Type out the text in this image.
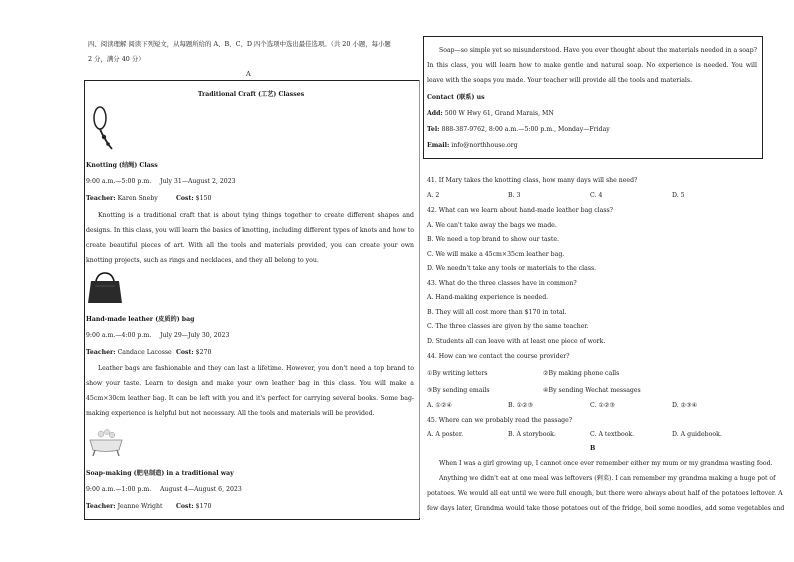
四、阅读理解 阅读下列短文，从每题所给的 A、B、C、D 四个选项中选出最佳选项。（共 20 小题，每小题
2 分，满分 40 分）
A
Traditional Craft (工艺) Classes
Knotting (结绳) Class
9:00 a.m.—5:00 p.m. July 31—August 2, 2023
Teacher: Karen Sneby	Cost: $150
Knotting is a traditional craft that is about tying things together to create different shapes and designs. In this class, you will learn the basics of knotting, including different types of knots and how to create beautiful pieces of art. With all the tools and materials provided, you can create your own knotting projects, such as rings and necklaces, and they all belong to you.
Hand-made leather (皮质的) bag
9:00 a.m.—4:00 p.m. July 29—July 30, 2023
Teacher: Candace Lacosse Cost: $270
Leather bags are fashionable and they can last a lifetime. However, you don't need a top brand to show your taste. Learn to design and make your own leather bag in this class. You will make a 45cm×30cm leather bag. It can be left with you and it's perfect for carrying several books. Some bag-making experience is helpful but not necessary. All the tools and materials will be provided.
Soap-making (肥皂制造) in a traditional way
9:00 a.m.—1:00 p.m. August 4—August 6, 2023
Teacher: Jeanne Wright Cost: $170
Soap—so simple yet so misunderstood. Have you ever thought about the materials needed in a soap? In this class, you will learn how to make gentle and natural soap. No experience is needed. You will leave with the soaps you made. Your teacher will provide all the tools and materials.
Contact (联系) us
Add: 500 W Hwy 61, Grand Marais, MN
Tel: 888-387-9762, 8:00 a.m.—5:00 p.m., Monday—Friday
Email: info@northhouse.org
41. If Mary takes the knotting class, how many days will she need?
A. 2	B. 3	C. 4	D. 5
42. What can we learn about hand-made leather bag class?
A. We can't take away the bags we made.
B. We need a top brand to show our taste.
C. We will make a 45cm×35cm leather bag.
D. We needn't take any tools or materials to the class.
43. What do the three classes have in common?
A. Hand-making experience is needed.
B. They will all cost more than $170 in total.
C. The three classes are given by the same teacher.
D. Students all can leave with at least one piece of work.
44. How can we contact the course provider?
①By writing letters	②By making phone calls
③By sending emails	④By sending Wechat messages
A. ①②④	B. ①②③	C. ①②③	D. ②③④
45. Where can we probably read the passage?
A. A poster.	B. A storybook.	C. A textbook.	D. A guidebook.
B
When I was a girl growing up, I cannot once ever remember either my mum or my grandma wasting food.
Anything we didn't eat at one meal was leftovers (剩菜). I can remember my grandma making a huge pot of
potatoes. We would all eat until we were full enough, but there were always about half of the potatoes leftover. A
few days later, Grandma would take those potatoes out of the fridge, boil some noodles, add some vegetables and
